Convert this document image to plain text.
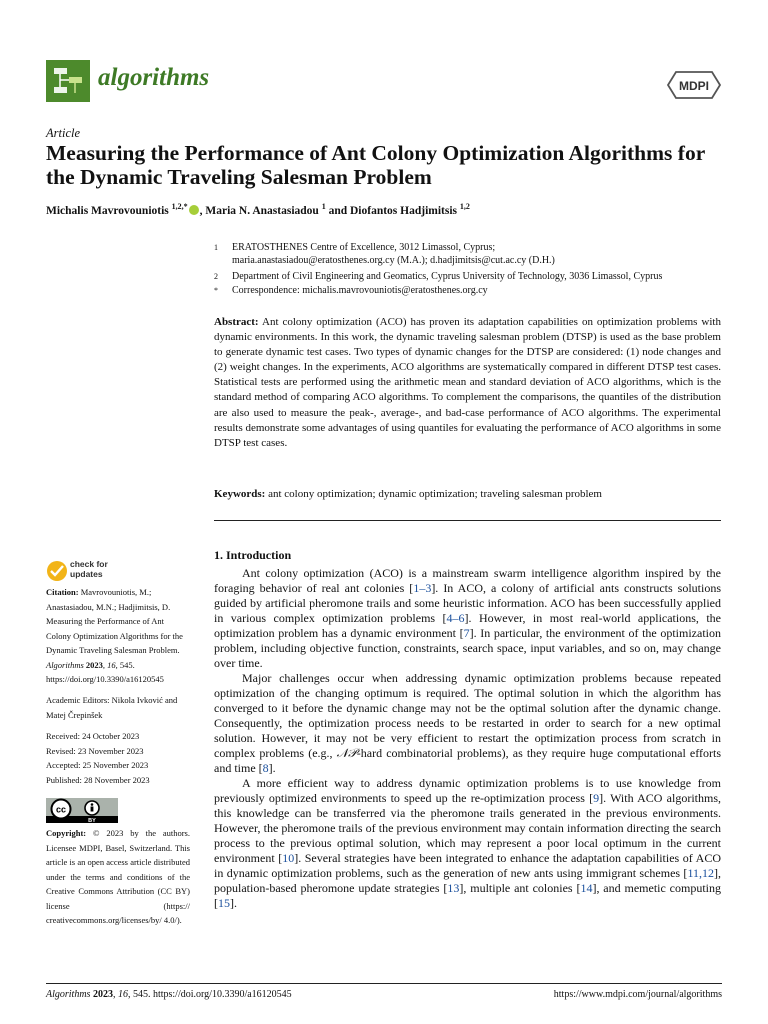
algorithms	MDPI
Article
Measuring the Performance of Ant Colony Optimization Algorithms for the Dynamic Traveling Salesman Problem
Michalis Mavrovouniotis $^{1,2,*}$ , Maria N. Anastasiadou $^1$ and Diofantos Hadjimitsis $^{1,2}$
1	ERATOSTHENES Centre of Excellence, 3012 Limassol, Cyprus;
maria.anastasiadou@eratosthenes.org.cy (M.A.); d.hadjimitsis@cut.ac.cy (D.H.)
2	Department of Civil Engineering and Geomatics, Cyprus University of Technology, 3036 Limassol, Cyprus
*	Correspondence: michalis.mavrovouniotis@eratosthenes.org.cy

Abstract: Ant colony optimization (ACO) has proven its adaptation capabilities on optimization problems with dynamic environments. In this work, the dynamic traveling salesman problem (DTSP) is used as the base problem to generate dynamic test cases. Two types of dynamic changes for the DTSP are considered: (1) node changes and (2) weight changes. In the experiments, ACO algorithms are systematically compared in different DTSP test cases. Statistical tests are performed using the arithmetic mean and standard deviation of ACO algorithms, which is the standard method of comparing ACO algorithms. To complement the comparisons, the quantiles of the distribution are also used to measure the peak-, average-, and bad-case performance of ACO algorithms. The experimental results demonstrate some advantages of using quantiles for evaluating the performance of ACO algorithms in some DTSP test cases.

Keywords: ant colony optimization; dynamic optimization; traveling salesman problem

check for
updates

Citation: Mavrovouniotis, M.; Anastasiadou, M.N.; Hadjimitsis, D. Measuring the Performance of Ant Colony Optimization Algorithms for the Dynamic Traveling Salesman Problem. Algorithms 2023, 16, 545. https://doi.org/10.3390/a16120545

Academic Editors: Nikola Ivković and Matej Črepinšek

Received: 24 October 2023

Revised: 23 November 2023

Accepted: 25 November 2023

Published: 28 November 2023

cc
BY

Copyright: © 2023 by the authors. Licensee MDPI, Basel, Switzerland. This article is an open access article distributed under the terms and conditions of the Creative Commons Attribution (CC BY) license (https:// creativecommons.org/licenses/by/ 4.0/).

1. Introduction

Ant colony optimization (ACO) is a mainstream swarm intelligence algorithm inspired by the foraging behavior of real ant colonies [1–3]. In ACO, a colony of artificial ants constructs solutions guided by artificial pheromone trails and some heuristic information. ACO has been successfully applied in various complex optimization problems [4–6]. However, in most real-world applications, the optimization problem has a dynamic environment [7]. In particular, the environment of the optimization problem, including objective function, constraints, search space, input variables, and so on, may change over time.

Major challenges occur when addressing dynamic optimization problems because repeated optimization of the changing optimum is required. The optimal solution in which the algorithm has converged to it before the dynamic change may not be the optimal solution after the dynamic change. Consequently, the optimization process needs to be restarted in order to search for a new optimal solution. However, it may not be very efficient to restart the optimization process from scratch in complex problems (e.g., 𝒩𝒫-hard combinatorial problems), as they require huge computational efforts and time [8].

A more efficient way to address dynamic optimization problems is to use knowledge from previously optimized environments to speed up the re-optimization process [9]. With ACO algorithms, this knowledge can be transferred via the pheromone trails generated in the previous environments. However, the pheromone trails of the previous environment may contain information directing the search process to the previous optimal solution, which may represent a poor local optimum in the current environment [10]. Several strategies have been integrated to enhance the adaptation capabilities of ACO in dynamic optimization problems, such as the generation of new ants using immigrant schemes [11,12], population-based pheromone update strategies [13], multiple ant colonies [14], and memetic computing [15].

Algorithms 2023, 16, 545. https://doi.org/10.3390/a16120545	https://www.mdpi.com/journal/algorithms
